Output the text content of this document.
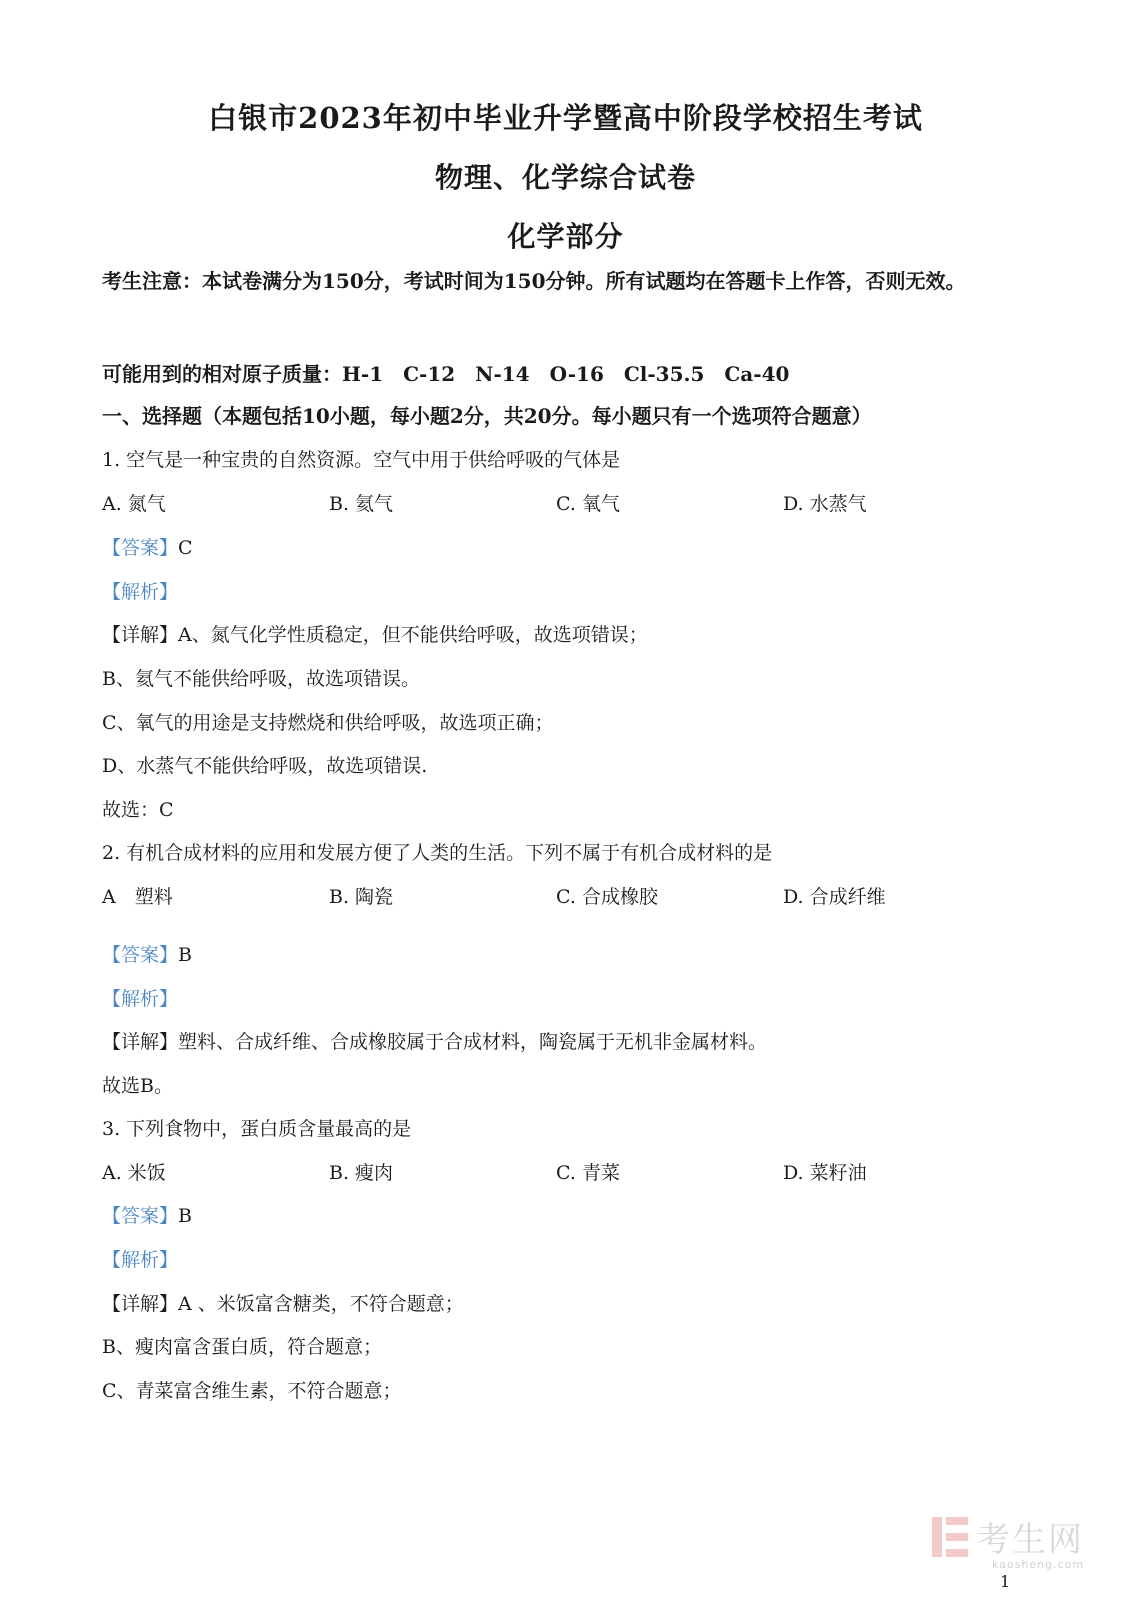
白银市2023年初中毕业升学暨高中阶段学校招生考试
物理、化学综合试卷
化学部分
考生注意：本试卷满分为150分，考试时间为150分钟。所有试题均在答题卡上作答，否则无效。
可能用到的相对原子质量：H-1　C-12　N-14　O-16　Cl-35.5　Ca-40
一、选择题（本题包括10小题，每小题2分，共20分。每小题只有一个选项符合题意）
1. 空气是一种宝贵的自然资源。空气中用于供给呼吸的气体是
A. 氮气	B. 氦气	C. 氧气	D. 水蒸气
【答案】C
【解析】
【详解】A、氮气化学性质稳定，但不能供给呼吸，故选项错误；
B、氦气不能供给呼吸，故选项错误。
C、氧气的用途是支持燃烧和供给呼吸，故选项正确；
D、水蒸气不能供给呼吸，故选项错误.
故选：C
2. 有机合成材料的应用和发展方便了人类的生活。下列不属于有机合成材料的是
A　塑料	B. 陶瓷	C. 合成橡胶	D. 合成纤维
【答案】B
【解析】
【详解】塑料、合成纤维、合成橡胶属于合成材料，陶瓷属于无机非金属材料。
故选B。
3. 下列食物中，蛋白质含量最高的是
A. 米饭	B. 瘦肉	C. 青菜	D. 菜籽油
【答案】B
【解析】
【详解】A 、米饭富含糖类，不符合题意；
B、瘦肉富含蛋白质，符合题意；
C、青菜富含维生素，不符合题意；
考生网
kaosheng.com
1
